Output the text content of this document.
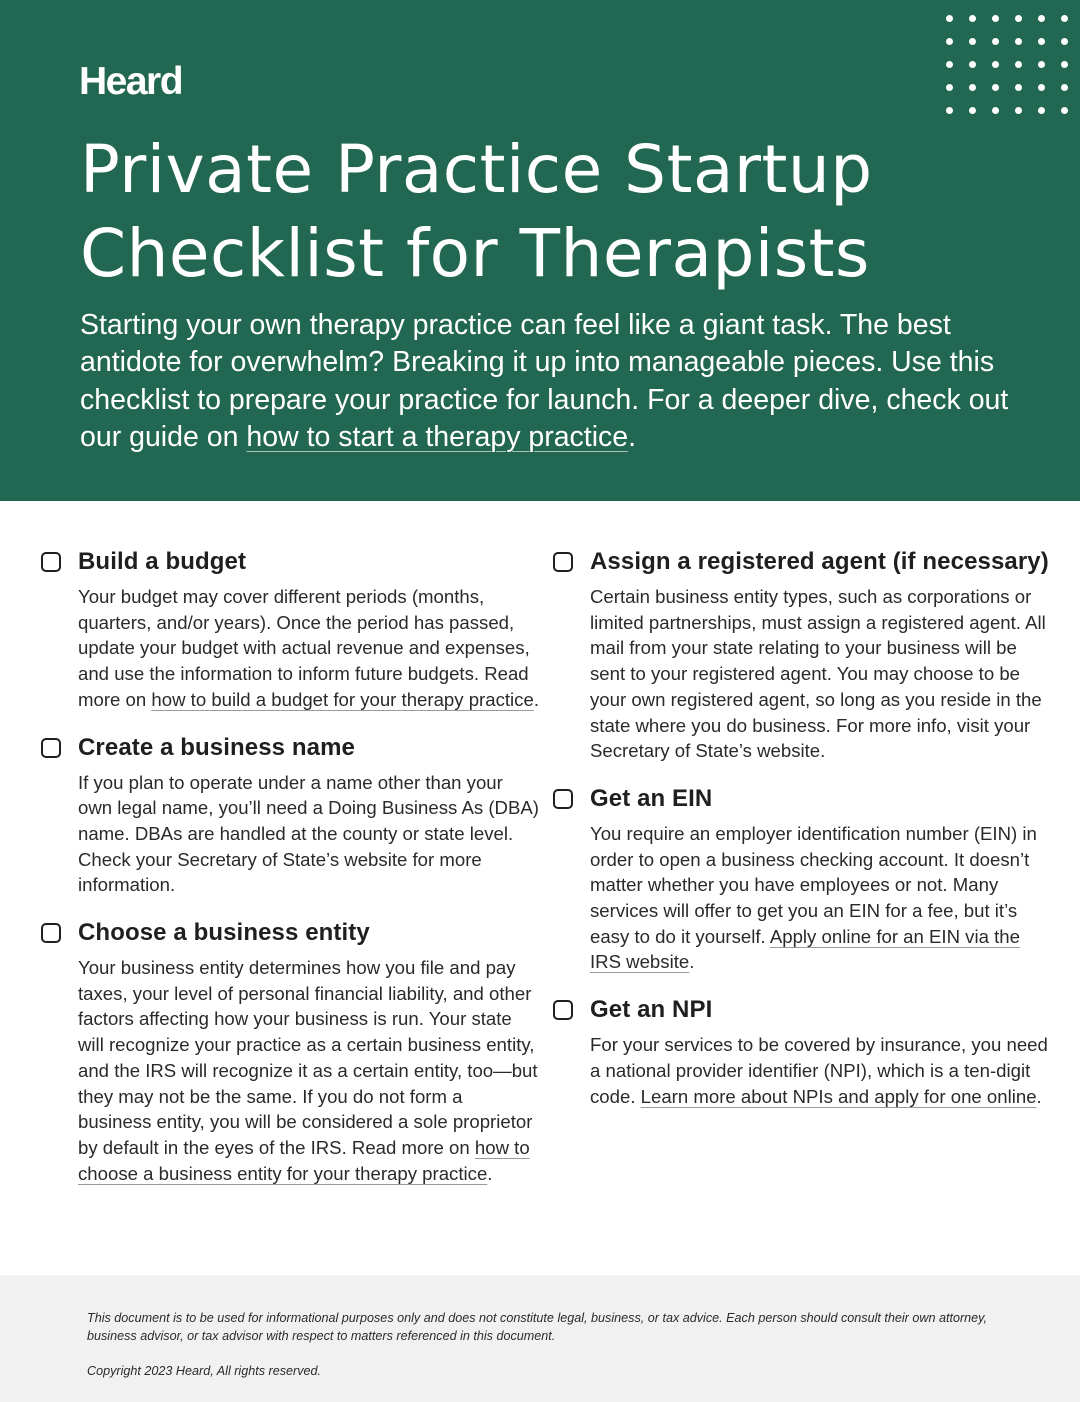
Heard
Private Practice Startup
Checklist for Therapists

Starting your own therapy practice can feel like a giant task. The best antidote for overwhelm? Breaking it up into manageable pieces. Use this checklist to prepare your practice for launch. For a deeper dive, check out our guide on how to start a therapy practice.

Build a budget

Your budget may cover different periods (months, quarters, and/or years). Once the period has passed, update your budget with actual revenue and expenses, and use the information to inform future budgets. Read more on how to build a budget for your therapy practice.

Create a business name

If you plan to operate under a name other than your own legal name, you’ll need a Doing Business As (DBA) name. DBAs are handled at the county or state level. Check your Secretary of State’s website for more information.

Choose a business entity

Your business entity determines how you file and pay taxes, your level of personal financial liability, and other factors affecting how your business is run. Your state will recognize your practice as a certain business entity, and the IRS will recognize it as a certain entity, too—but they may not be the same. If you do not form a business entity, you will be considered a sole proprietor by default in the eyes of the IRS. Read more on how to choose a business entity for your therapy practice.

Assign a registered agent (if necessary)

Certain business entity types, such as corporations or limited partnerships, must assign a registered agent. All mail from your state relating to your business will be sent to your registered agent. You may choose to be your own registered agent, so long as you reside in the state where you do business. For more info, visit your Secretary of State’s website.

Get an EIN

You require an employer identification number (EIN) in order to open a business checking account. It doesn’t matter whether you have employees or not. Many services will offer to get you an EIN for a fee, but it’s easy to do it yourself. Apply online for an EIN via the IRS website.

Get an NPI

For your services to be covered by insurance, you need a national provider identifier (NPI), which is a ten-digit code. Learn more about NPIs and apply for one online.

This document is to be used for informational purposes only and does not constitute legal, business, or tax advice. Each person should consult their own attorney, business advisor, or tax advisor with respect to matters referenced in this document.

Copyright 2023 Heard, All rights reserved.
